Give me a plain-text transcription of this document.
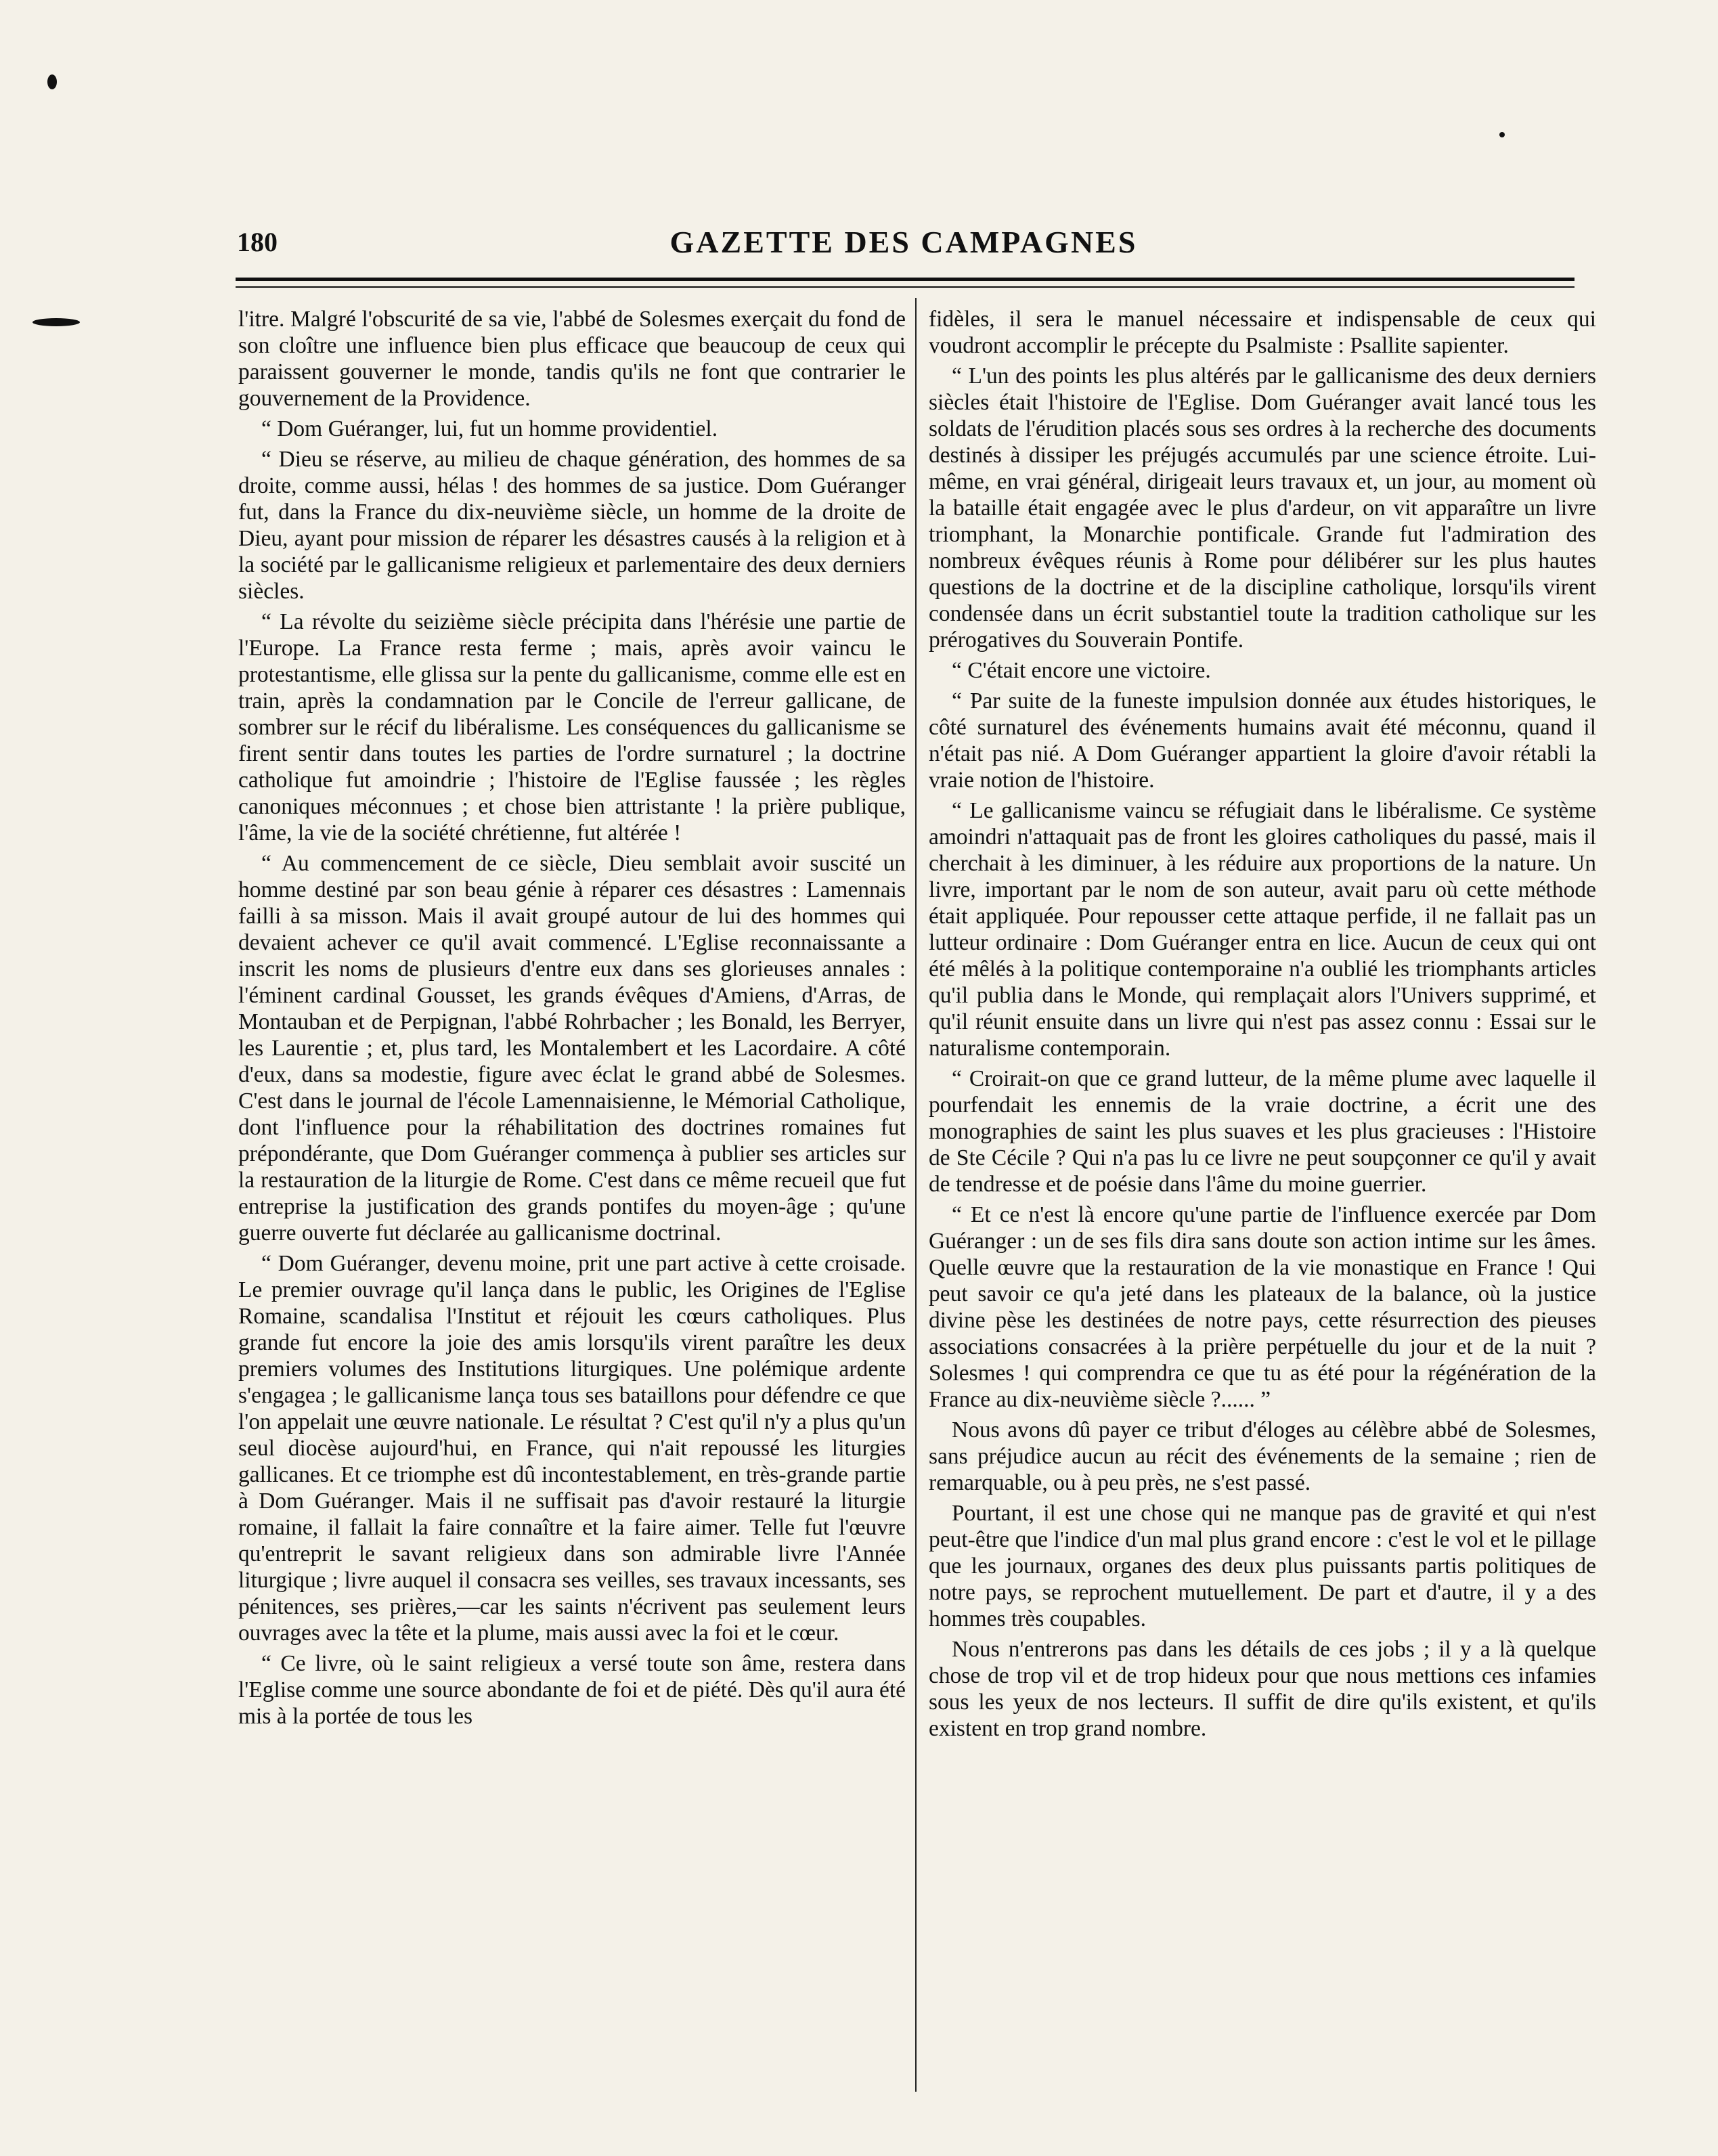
180	GAZETTE DES CAMPAGNES

l'itre. Malgré l'obscurité de sa vie, l'abbé de Solesmes exerçait du fond de son cloître une influence bien plus efficace que beaucoup de ceux qui paraissent gouverner le monde, tandis qu'ils ne font que contrarier le gouvernement de la Providence.

“ Dom Guéranger, lui, fut un homme providentiel.

“ Dieu se réserve, au milieu de chaque génération, des hommes de sa droite, comme aussi, hélas ! des hommes de sa justice. Dom Guéranger fut, dans la France du dix-neuvième siècle, un homme de la droite de Dieu, ayant pour mission de réparer les désastres causés à la religion et à la société par le gallicanisme religieux et parlementaire des deux derniers siècles.

“ La révolte du seizième siècle précipita dans l'hérésie une partie de l'Europe. La France resta ferme ; mais, après avoir vaincu le protestantisme, elle glissa sur la pente du gallicanisme, comme elle est en train, après la condamnation par le Concile de l'erreur gallicane, de sombrer sur le récif du libéralisme. Les conséquences du gallicanisme se firent sentir dans toutes les parties de l'ordre surnaturel ; la doctrine catholique fut amoindrie ; l'histoire de l'Eglise faussée ; les règles canoniques méconnues ; et chose bien attristante ! la prière publique, l'âme, la vie de la société chrétienne, fut altérée !

“ Au commencement de ce siècle, Dieu semblait avoir suscité un homme destiné par son beau génie à réparer ces désastres : Lamennais failli à sa misson. Mais il avait groupé autour de lui des hommes qui devaient achever ce qu'il avait commencé. L'Eglise reconnaissante a inscrit les noms de plusieurs d'entre eux dans ses glorieuses annales : l'éminent cardinal Gousset, les grands évêques d'Amiens, d'Arras, de Montauban et de Perpignan, l'abbé Rohrbacher ; les Bonald, les Berryer, les Laurentie ; et, plus tard, les Montalembert et les Lacordaire. A côté d'eux, dans sa modestie, figure avec éclat le grand abbé de Solesmes. C'est dans le journal de l'école Lamennaisienne, le Mémorial Catholique, dont l'influence pour la réhabilitation des doctrines romaines fut prépondérante, que Dom Guéranger commença à publier ses articles sur la restauration de la liturgie de Rome. C'est dans ce même recueil que fut entreprise la justification des grands pontifes du moyen-âge ; qu'une guerre ouverte fut déclarée au gallicanisme doctrinal.

“ Dom Guéranger, devenu moine, prit une part active à cette croisade. Le premier ouvrage qu'il lança dans le public, les Origines de l'Eglise Romaine, scandalisa l'Institut et réjouit les cœurs catholiques. Plus grande fut encore la joie des amis lorsqu'ils virent paraître les deux premiers volumes des Institutions liturgiques. Une polémique ardente s'engagea ; le gallicanisme lança tous ses bataillons pour défendre ce que l'on appelait une œuvre nationale. Le résultat ? C'est qu'il n'y a plus qu'un seul diocèse aujourd'hui, en France, qui n'ait repoussé les liturgies gallicanes. Et ce triomphe est dû incontestablement, en très-grande partie à Dom Guéranger. Mais il ne suffisait pas d'avoir restauré la liturgie romaine, il fallait la faire connaître et la faire aimer. Telle fut l'œuvre qu'entreprit le savant religieux dans son admirable livre l'Année liturgique ; livre auquel il consacra ses veilles, ses travaux incessants, ses pénitences, ses prières,—car les saints n'écrivent pas seulement leurs ouvrages avec la tête et la plume, mais aussi avec la foi et le cœur.

“ Ce livre, où le saint religieux a versé toute son âme, restera dans l'Eglise comme une source abondante de foi et de piété. Dès qu'il aura été mis à la portée de tous les

fidèles, il sera le manuel nécessaire et indispensable de ceux qui voudront accomplir le précepte du Psalmiste : Psallite sapienter.

“ L'un des points les plus altérés par le gallicanisme des deux derniers siècles était l'histoire de l'Eglise. Dom Guéranger avait lancé tous les soldats de l'érudition placés sous ses ordres à la recherche des documents destinés à dissiper les préjugés accumulés par une science étroite. Lui-même, en vrai général, dirigeait leurs travaux et, un jour, au moment où la bataille était engagée avec le plus d'ardeur, on vit apparaître un livre triomphant, la Monarchie pontificale. Grande fut l'admiration des nombreux évêques réunis à Rome pour délibérer sur les plus hautes questions de la doctrine et de la discipline catholique, lorsqu'ils virent condensée dans un écrit substantiel toute la tradition catholique sur les prérogatives du Souverain Pontife.

“ C'était encore une victoire.

“ Par suite de la funeste impulsion donnée aux études historiques, le côté surnaturel des événements humains avait été méconnu, quand il n'était pas nié. A Dom Guéranger appartient la gloire d'avoir rétabli la vraie notion de l'histoire.

“ Le gallicanisme vaincu se réfugiait dans le libéralisme. Ce système amoindri n'attaquait pas de front les gloires catholiques du passé, mais il cherchait à les diminuer, à les réduire aux proportions de la nature. Un livre, important par le nom de son auteur, avait paru où cette méthode était appliquée. Pour repousser cette attaque perfide, il ne fallait pas un lutteur ordinaire : Dom Guéranger entra en lice. Aucun de ceux qui ont été mêlés à la politique contemporaine n'a oublié les triomphants articles qu'il publia dans le Monde, qui remplaçait alors l'Univers supprimé, et qu'il réunit ensuite dans un livre qui n'est pas assez connu : Essai sur le naturalisme contemporain.

“ Croirait-on que ce grand lutteur, de la même plume avec laquelle il pourfendait les ennemis de la vraie doctrine, a écrit une des monographies de saint les plus suaves et les plus gracieuses : l'Histoire de Ste Cécile ? Qui n'a pas lu ce livre ne peut soupçonner ce qu'il y avait de tendresse et de poésie dans l'âme du moine guerrier.

“ Et ce n'est là encore qu'une partie de l'influence exercée par Dom Guéranger : un de ses fils dira sans doute son action intime sur les âmes. Quelle œuvre que la restauration de la vie monastique en France ! Qui peut savoir ce qu'a jeté dans les plateaux de la balance, où la justice divine pèse les destinées de notre pays, cette résurrection des pieuses associations consacrées à la prière perpétuelle du jour et de la nuit ? Solesmes ! qui comprendra ce que tu as été pour la régénération de la France au dix-neuvième siècle ?...... ”

Nous avons dû payer ce tribut d'éloges au célèbre abbé de Solesmes, sans préjudice aucun au récit des événements de la semaine ; rien de remarquable, ou à peu près, ne s'est passé.

Pourtant, il est une chose qui ne manque pas de gravité et qui n'est peut-être que l'indice d'un mal plus grand encore : c'est le vol et le pillage que les journaux, organes des deux plus puissants partis politiques de notre pays, se reprochent mutuellement. De part et d'autre, il y a des hommes très coupables.

Nous n'entrerons pas dans les détails de ces jobs ; il y a là quelque chose de trop vil et de trop hideux pour que nous mettions ces infamies sous les yeux de nos lecteurs. Il suffit de dire qu'ils existent, et qu'ils existent en trop grand nombre.
